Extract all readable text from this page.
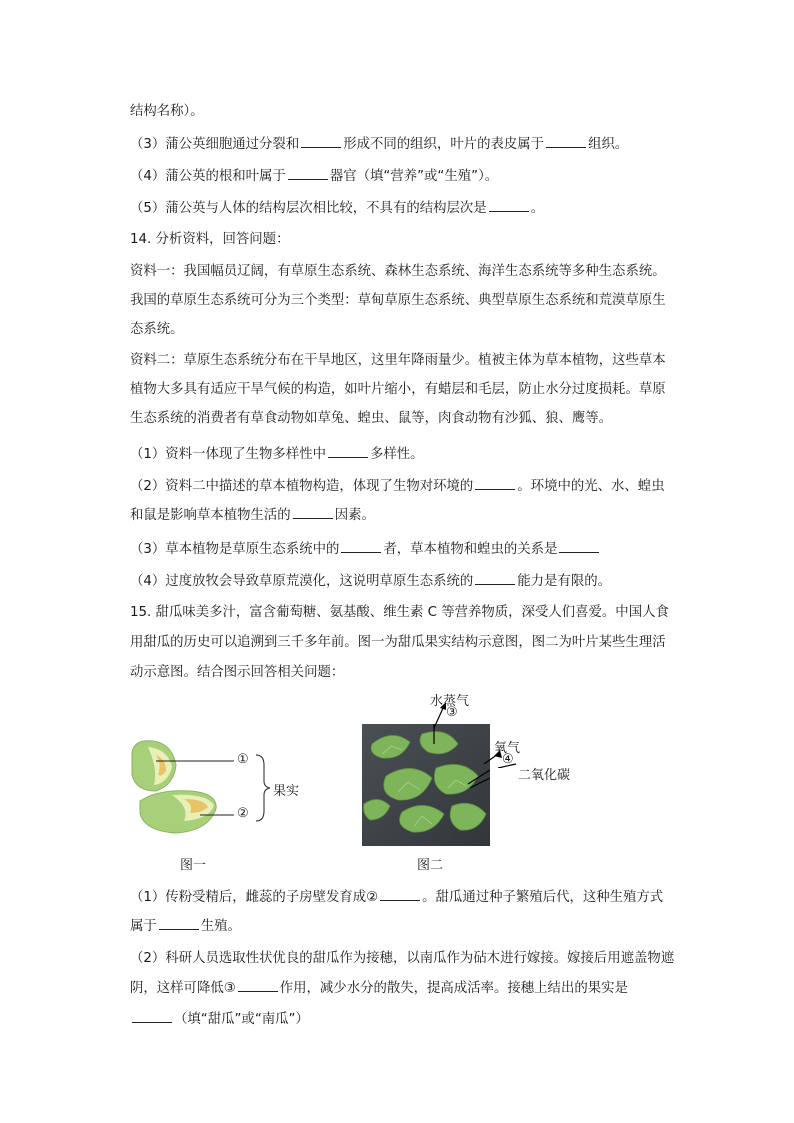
结构名称）。
（3）蒲公英细胞通过分裂和	形成不同的组织，叶片的表皮属于	组织。
（4）蒲公英的根和叶属于	器官（填“营养”或“生殖”）。
（5）蒲公英与人体的结构层次相比较，不具有的结构层次是	。
14. 分析资料，回答问题：
资料一：我国幅员辽阔，有草原生态系统、森林生态系统、海洋生态系统等多种生态系统。
我国的草原生态系统可分为三个类型：草甸草原生态系统、典型草原生态系统和荒漠草原生
态系统。
资料二：草原生态系统分布在干旱地区，这里年降雨量少。植被主体为草本植物，这些草本
植物大多具有适应干旱气候的构造，如叶片缩小，有蜡层和毛层，防止水分过度损耗。草原
生态系统的消费者有草食动物如草兔、蝗虫、鼠等，肉食动物有沙狐、狼、鹰等。
（1）资料一体现了生物多样性中	多样性。
（2）资料二中描述的草本植物构造，体现了生物对环境的	。环境中的光、水、蝗虫
和鼠是影响草本植物生活的	因素。
（3）草本植物是草原生态系统中的	者，草本植物和蝗虫的关系是
（4）过度放牧会导致草原荒漠化，这说明草原生态系统的	能力是有限的。
15. 甜瓜味美多汁，富含葡萄糖、氨基酸、维生素 C 等营养物质，深受人们喜爱。中国人食
用甜瓜的历史可以追溯到三千多年前。图一为甜瓜果实结构示意图，图二为叶片某些生理活
动示意图。结合图示回答相关问题：
①
②
果实
图一
水蒸气
③
氧气
④
二氧化碳
图二
（1）传粉受精后，雌蕊的子房壁发育成②	。甜瓜通过种子繁殖后代，这种生殖方式
属于	生殖。
（2）科研人员选取性状优良的甜瓜作为接穗，以南瓜作为砧木进行嫁接。嫁接后用遮盖物遮
阴，这样可降低③	作用，减少水分的散失，提高成活率。接穗上结出的果实是
（填“甜瓜”或“南瓜”）
